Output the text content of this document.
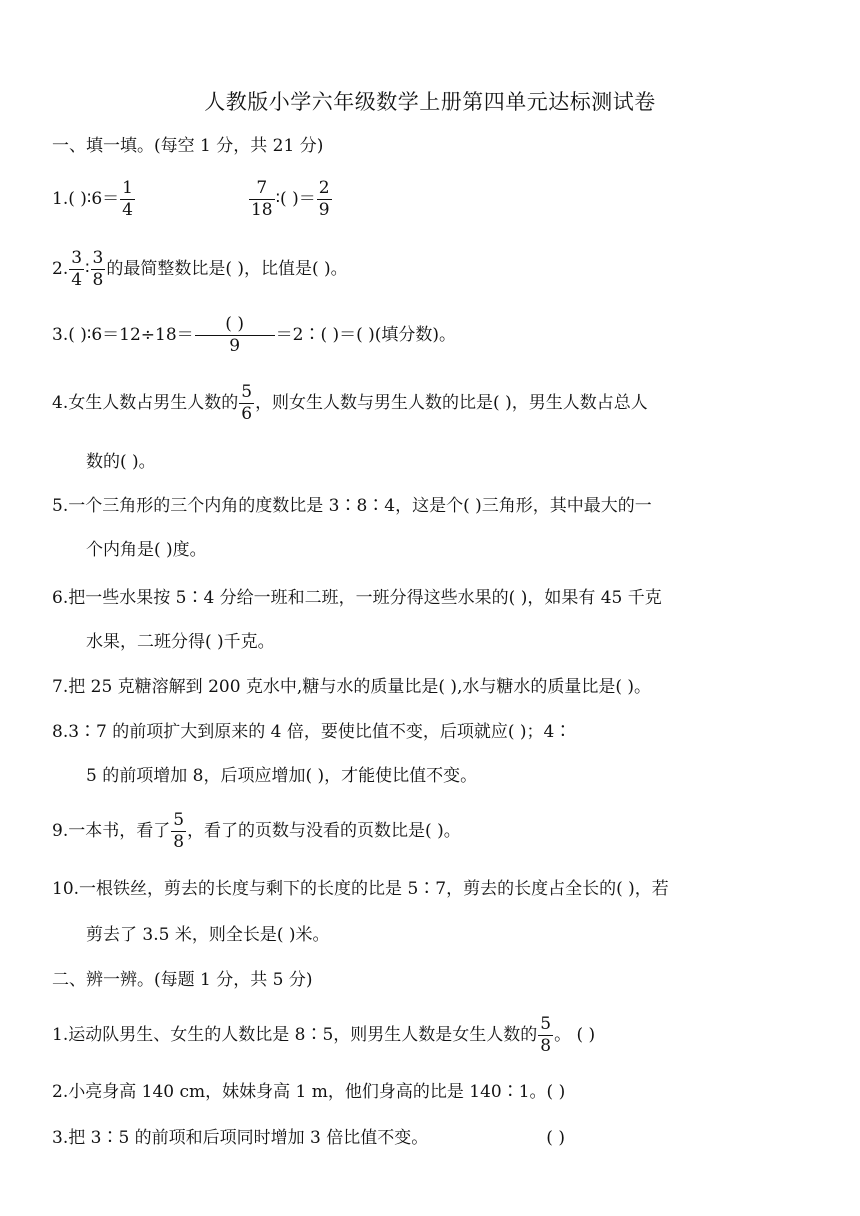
人教版小学六年级数学上册第四单元达标测试卷
一、填一填。(每空 1 分，共 21 分)
1.( )∶6＝ $\frac{1}{4}$	$\frac{7}{18}$ ∶( )＝ $\frac{2}{9}$
2. $\frac{3}{4}$ ∶ $\frac{3}{8}$ 的最简整数比是( )，比值是( )。
3.( )∶6＝12÷18＝ $\frac{( )}{9}$ ＝2∶( )＝( )(填分数)。
4.女生人数占男生人数的 $\frac{5}{6}$ ，则女生人数与男生人数的比是( )，男生人数占总人
数的( )。
5.一个三角形的三个内角的度数比是 3∶8∶4，这是个( )三角形，其中最大的一
个内角是( )度。
6.把一些水果按 5∶4 分给一班和二班，一班分得这些水果的( )，如果有 45 千克
水果，二班分得( )千克。
7.把 25 克糖溶解到 200 克水中,糖与水的质量比是( ),水与糖水的质量比是( )。
8.3∶7 的前项扩大到原来的 4 倍，要使比值不变，后项就应( )；4∶
5 的前项增加 8，后项应增加( )，才能使比值不变。
9.一本书，看了 $\frac{5}{8}$ ，看了的页数与没看的页数比是( )。
10.一根铁丝，剪去的长度与剩下的长度的比是 5∶7，剪去的长度占全长的( )，若
剪去了 3.5 米，则全长是( )米。
二、辨一辨。(每题 1 分，共 5 分)
1.运动队男生、女生的人数比是 8∶5，则男生人数是女生人数的 $\frac{5}{8}$ 。 ( )
2.小亮身高 140 cm，妹妹身高 1 m，他们身高的比是 140∶1。( )
3.把 3∶5 的前项和后项同时增加 3 倍比值不变。	( )
